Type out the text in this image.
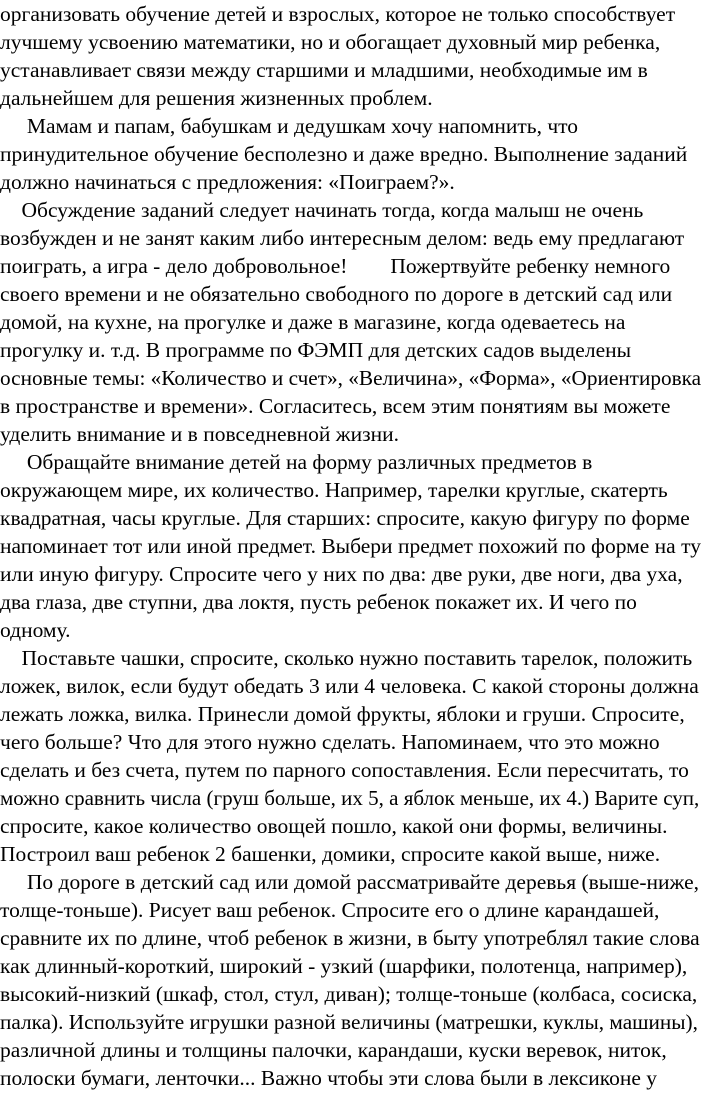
организовать обучение детей и взрослых, которое не только способствует
лучшему усвоению математики, но и обогащает духовный мир ребенка,
устанавливает связи между старшими и младшими, необходимые им в
дальнейшем для решения жизненных проблем.
Мамам и папам, бабушкам и дедушкам хочу напомнить, что
принудительное обучение бесполезно и даже вредно. Выполнение заданий
должно начинаться с предложения: «Поиграем?».
Обсуждение заданий следует начинать тогда, когда малыш не очень
возбужден и не занят каким либо интересным делом: ведь ему предлагают
поиграть, а игра - дело добровольное!        Пожертвуйте ребенку немного
своего времени и не обязательно свободного по дороге в детский сад или
домой, на кухне, на прогулке и даже в магазине, когда одеваетесь на
прогулку и. т.д. В программе по ФЭМП для детских садов выделены
основные темы: «Количество и счет», «Величина», «Форма», «Ориентировка
в пространстве и времени». Согласитесь, всем этим понятиям вы можете
уделить внимание и в повседневной жизни.
Обращайте внимание детей на форму различных предметов в
окружающем мире, их количество. Например, тарелки круглые, скатерть
квадратная, часы круглые. Для старших: спросите, какую фигуру по форме
напоминает тот или иной предмет. Выбери предмет похожий по форме на ту
или иную фигуру. Спросите чего у них по два: две руки, две ноги, два уха,
два глаза, две ступни, два локтя, пусть ребенок покажет их. И чего по
одному.
Поставьте чашки, спросите, сколько нужно поставить тарелок, положить
ложек, вилок, если будут обедать 3 или 4 человека. С какой стороны должна
лежать ложка, вилка. Принесли домой фрукты, яблоки и груши. Спросите,
чего больше? Что для этого нужно сделать. Напоминаем, что это можно
сделать и без счета, путем по парного сопоставления. Если пересчитать, то
можно сравнить числа (груш больше, их 5, а яблок меньше, их 4.) Варите суп,
спросите, какое количество овощей пошло, какой они формы, величины.
Построил ваш ребенок 2 башенки, домики, спросите какой выше, ниже.
По дороге в детский сад или домой рассматривайте деревья (выше-ниже,
толще-тоньше). Рисует ваш ребенок. Спросите его о длине карандашей,
сравните их по длине, чтоб ребенок в жизни, в быту употреблял такие слова
как длинный-короткий, широкий - узкий (шарфики, полотенца, например),
высокий-низкий (шкаф, стол, стул, диван); толще-тоньше (колбаса, сосиска,
палка). Используйте игрушки разной величины (матрешки, куклы, машины),
различной длины и толщины палочки, карандаши, куски веревок, ниток,
полоски бумаги, ленточки... Важно чтобы эти слова были в лексиконе у
